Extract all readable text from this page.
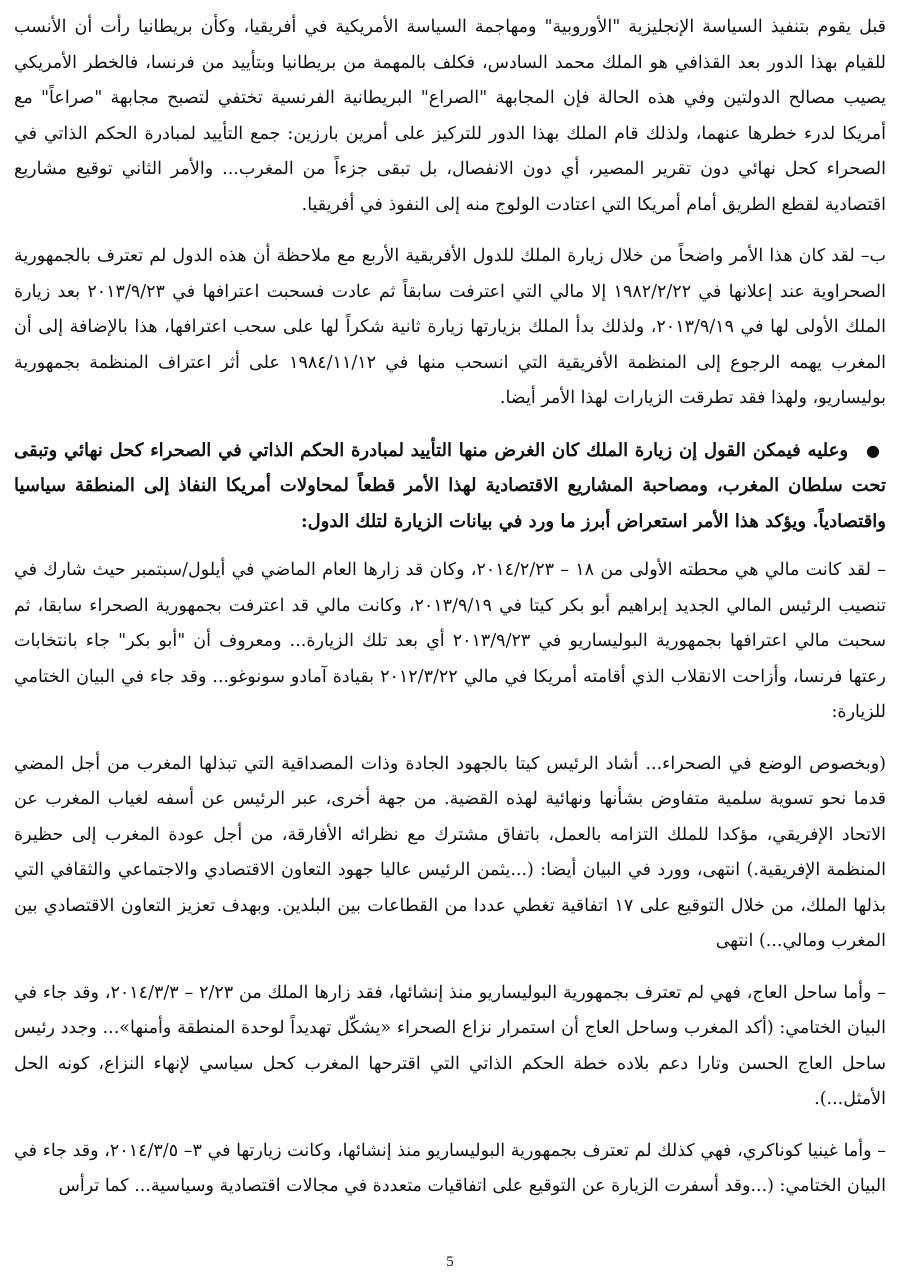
قبل يقوم بتنفيذ السياسة الإنجليزية "الأوروبية" ومهاجمة السياسة الأمريكية في أفريقيا، وكأن بريطانيا رأت أن الأنسب للقيام بهذا الدور بعد القذافي هو الملك محمد السادس، فكلف بالمهمة من بريطانيا وبتأييد من فرنسا، فالخطر الأمريكي يصيب مصالح الدولتين وفي هذه الحالة فإن المجابهة "الصراع" البريطانية الفرنسية تختفي لتصبح مجابهة "صراعاً" مع أمريكا لدرء خطرها عنهما، ولذلك قام الملك بهذا الدور للتركيز على أمرين بارزين: جمع التأييد لمبادرة الحكم الذاتي في الصحراء كحل نهائي دون تقرير المصير، أي دون الانفصال، بل تبقى جزءاً من المغرب... والأمر الثاني توقيع مشاريع اقتصادية لقطع الطريق أمام أمريكا التي اعتادت الولوج منه إلى النفوذ في أفريقيا.

ب– لقد كان هذا الأمر واضحاً من خلال زيارة الملك للدول الأفريقية الأربع مع ملاحظة أن هذه الدول لم تعترف بالجمهورية الصحراوية عند إعلانها في ١٩٨٢/٢/٢٢ إلا مالي التي اعترفت سابقاً ثم عادت فسحبت اعترافها في ٢٠١٣/٩/٢٣ بعد زيارة الملك الأولى لها في ٢٠١٣/٩/١٩، ولذلك بدأ الملك بزيارتها زيارة ثانية شكراً لها على سحب اعترافها، هذا بالإضافة إلى أن المغرب يهمه الرجوع إلى المنظمة الأفريقية التي انسحب منها في ١٩٨٤/١١/١٢ على أثر اعتراف المنظمة بجمهورية بوليساريو، ولهذا فقد تطرقت الزيارات لهذا الأمر أيضا.

●وعليه فيمكن القول إن زيارة الملك كان الغرض منها التأييد لمبادرة الحكم الذاتي في الصحراء كحل نهائي وتبقى تحت سلطان المغرب، ومصاحبة المشاريع الاقتصادية لهذا الأمر قطعاً لمحاولات أمريكا النفاذ إلى المنطقة سياسيا واقتصادياً. ويؤكد هذا الأمر استعراض أبرز ما ورد في بيانات الزيارة لتلك الدول:

– لقد كانت مالي هي محطته الأولى من ١٨ – ٢٠١٤/٢/٢٣، وكان قد زارها العام الماضي في أيلول/سبتمبر حيث شارك في تنصيب الرئيس المالي الجديد إبراهيم أبو بكر كيتا في ٢٠١٣/٩/١٩، وكانت مالي قد اعترفت بجمهورية الصحراء سابقا، ثم سحبت مالي اعترافها بجمهورية البوليساريو في ٢٠١٣/٩/٢٣ أي بعد تلك الزيارة... ومعروف أن "أبو بكر" جاء بانتخابات رعتها فرنسا، وأزاحت الانقلاب الذي أقامته أمريكا في مالي ٢٠١٢/٣/٢٢ بقيادة آمادو سونوغو... وقد جاء في البيان الختامي للزيارة:

(وبخصوص الوضع في الصحراء... أشاد الرئيس كيتا بالجهود الجادة وذات المصداقية التي تبذلها المغرب من أجل المضي قدما نحو تسوية سلمية متفاوض بشأنها ونهائية لهذه القضية. من جهة أخرى، عبر الرئيس عن أسفه لغياب المغرب عن الاتحاد الإفريقي، مؤكدا للملك التزامه بالعمل، باتفاق مشترك مع نظرائه الأفارقة، من أجل عودة المغرب إلى حظيرة المنظمة الإفريقية.) انتهى، وورد في البيان أيضا: (...يثمن الرئيس عاليا جهود التعاون الاقتصادي والاجتماعي والثقافي التي بذلها الملك، من خلال التوقيع على ١٧ اتفاقية تغطي عددا من القطاعات بين البلدين. وبهدف تعزيز التعاون الاقتصادي بين المغرب ومالي...) انتهى

– وأما ساحل العاج، فهي لم تعترف بجمهورية البوليساريو منذ إنشائها، فقد زارها الملك من ٢/٢٣ – ٢٠١٤/٣/٣، وقد جاء في البيان الختامي: (أكد المغرب وساحل العاج أن استمرار نزاع الصحراء «يشكّل تهديداً لوحدة المنطقة وأمنها»... وجدد رئيس ساحل العاج الحسن وتارا دعم بلاده خطة الحكم الذاتي التي اقترحها المغرب كحل سياسي لإنهاء النزاع، كونه الحل الأمثل...).

– وأما غينيا كوناكري، فهي كذلك لم تعترف بجمهورية البوليساريو منذ إنشائها، وكانت زيارتها في ٣– ٢٠١٤/٣/٥، وقد جاء في البيان الختامي: (...وقد أسفرت الزيارة عن التوقيع على اتفاقيات متعددة في مجالات اقتصادية وسياسية... كما ترأس

5
